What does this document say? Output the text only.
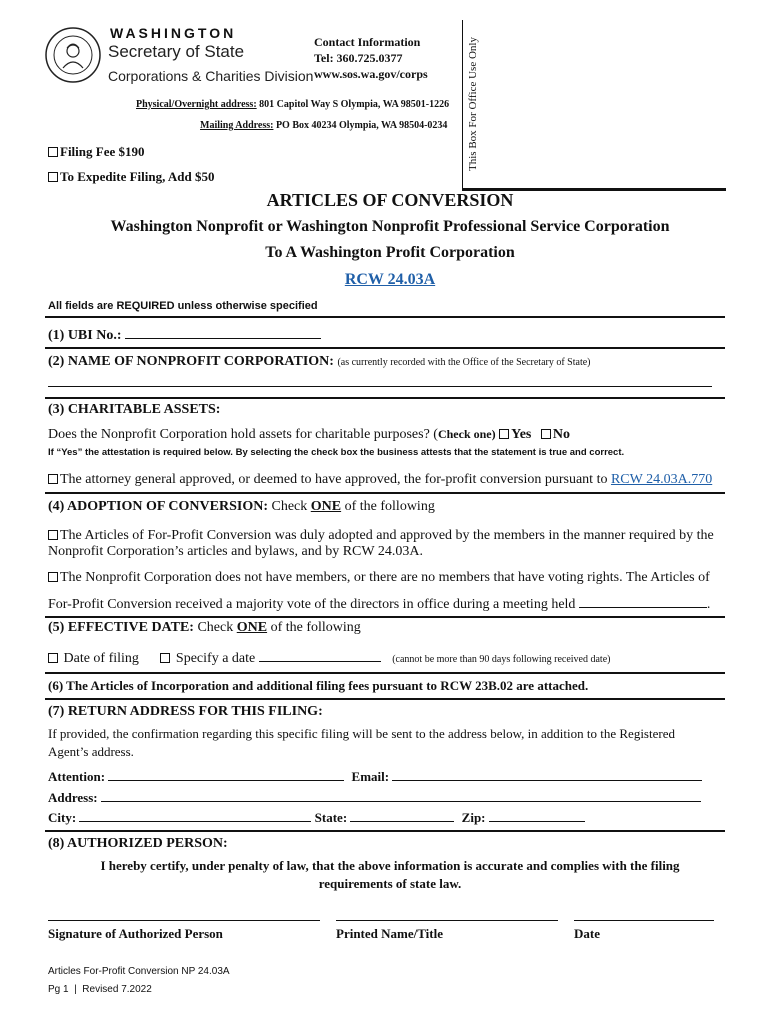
WASHINGTON
Secretary of State
Corporations & Charities Division
Contact Information
Tel: 360.725.0377
www.sos.wa.gov/corps
Physical/Overnight address: 801 Capitol Way S Olympia, WA 98501-1226
Mailing Address: PO Box 40234 Olympia, WA 98504-0234 This Box For Office Use Only
Filing Fee $190
To Expedite Filing, Add $50
ARTICLES OF CONVERSION
Washington Nonprofit or Washington Nonprofit Professional Service Corporation
To A Washington Profit Corporation
RCW 24.03A
All fields are REQUIRED unless otherwise specified
(1) UBI No.:
(2) NAME OF NONPROFIT CORPORATION: (as currently recorded with the Office of the Secretary of State)
(3) CHARITABLE ASSETS:
Does the Nonprofit Corporation hold assets for charitable purposes? (Check one) Yes No
If “Yes” the attestation is required below. By selecting the check box the business attests that the statement is true and correct.
The attorney general approved, or deemed to have approved, the for-profit conversion pursuant to RCW 24.03A.770
(4) ADOPTION OF CONVERSION: Check ONE of the following
The Articles of For-Profit Conversion was duly adopted and approved by the members in the manner required by the
Nonprofit Corporation’s articles and bylaws, and by RCW 24.03A.
The Nonprofit Corporation does not have members, or there are no members that have voting rights. The Articles of
For-Profit Conversion received a majority vote of the directors in office during a meeting held	.
(5) EFFECTIVE DATE: Check ONE of the following
Date of filing	Specify a date	(cannot be more than 90 days following received date)
(6) The Articles of Incorporation and additional filing fees pursuant to RCW 23B.02 are attached.
(7) RETURN ADDRESS FOR THIS FILING:
If provided, the confirmation regarding this specific filing will be sent to the address below, in addition to the Registered
Agent’s address.
Attention:	Email:
Address:
City:	State:	Zip:
(8) AUTHORIZED PERSON:
I hereby certify, under penalty of law, that the above information is accurate and complies with the filing
requirements of state law.
Signature of Authorized Person	Printed Name/Title	Date
Articles For-Profit Conversion NP 24.03A
Pg 1  |  Revised 7.2022
